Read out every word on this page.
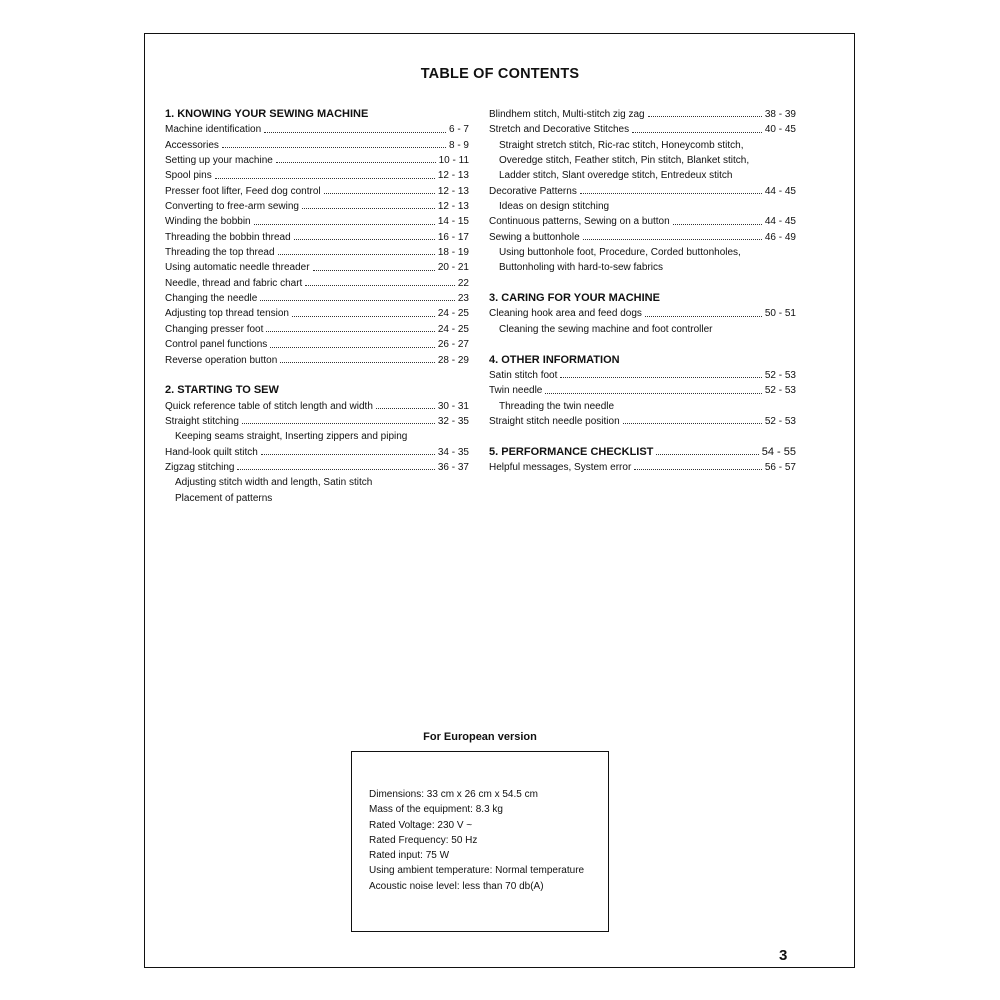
TABLE OF CONTENTS
1. KNOWING YOUR SEWING MACHINE
Machine identification	6 - 7
Accessories	8 - 9
Setting up your machine	10 - 11
Spool pins	12 - 13
Presser foot lifter, Feed dog control	12 - 13
Converting to free-arm sewing	12 - 13
Winding the bobbin	14 - 15
Threading the bobbin thread	16 - 17
Threading the top thread	18 - 19
Using automatic needle threader	20 - 21
Needle, thread and fabric chart	22
Changing the needle	23
Adjusting top thread tension	24 - 25
Changing presser foot	24 - 25
Control panel functions	26 - 27
Reverse operation button	28 - 29
2. STARTING TO SEW
Quick reference table of stitch length and width	30 - 31
Straight stitching	32 - 35
Keeping seams straight, Inserting zippers and piping
Hand-look quilt stitch	34 - 35
Zigzag stitching	36 - 37
Adjusting stitch width and length, Satin stitch
Placement of patterns
Blindhem stitch, Multi-stitch zig zag	38 - 39
Stretch and Decorative Stitches	40 - 45
Straight stretch stitch, Ric-rac stitch, Honeycomb stitch,
Overedge stitch, Feather stitch, Pin stitch, Blanket stitch,
Ladder stitch, Slant overedge stitch, Entredeux stitch
Decorative Patterns	44 - 45
Ideas on design stitching
Continuous patterns, Sewing on a button	44 - 45
Sewing a buttonhole	46 - 49
Using buttonhole foot, Procedure, Corded buttonholes,
Buttonholing with hard-to-sew fabrics
3. CARING FOR YOUR MACHINE
Cleaning hook area and feed dogs	50 - 51
Cleaning the sewing machine and foot controller
4. OTHER INFORMATION
Satin stitch foot	52 - 53
Twin needle	52 - 53
Threading the twin needle
Straight stitch needle position	52 - 53
5. PERFORMANCE CHECKLIST	54 - 55
Helpful messages, System error	56 - 57
For European version
Dimensions: 33 cm x 26 cm x 54.5 cm
Mass of the equipment: 8.3 kg
Rated Voltage: 230 V ~
Rated Frequency: 50 Hz
Rated input: 75 W
Using ambient temperature: Normal temperature
Acoustic noise level: less than 70 db(A)
3
